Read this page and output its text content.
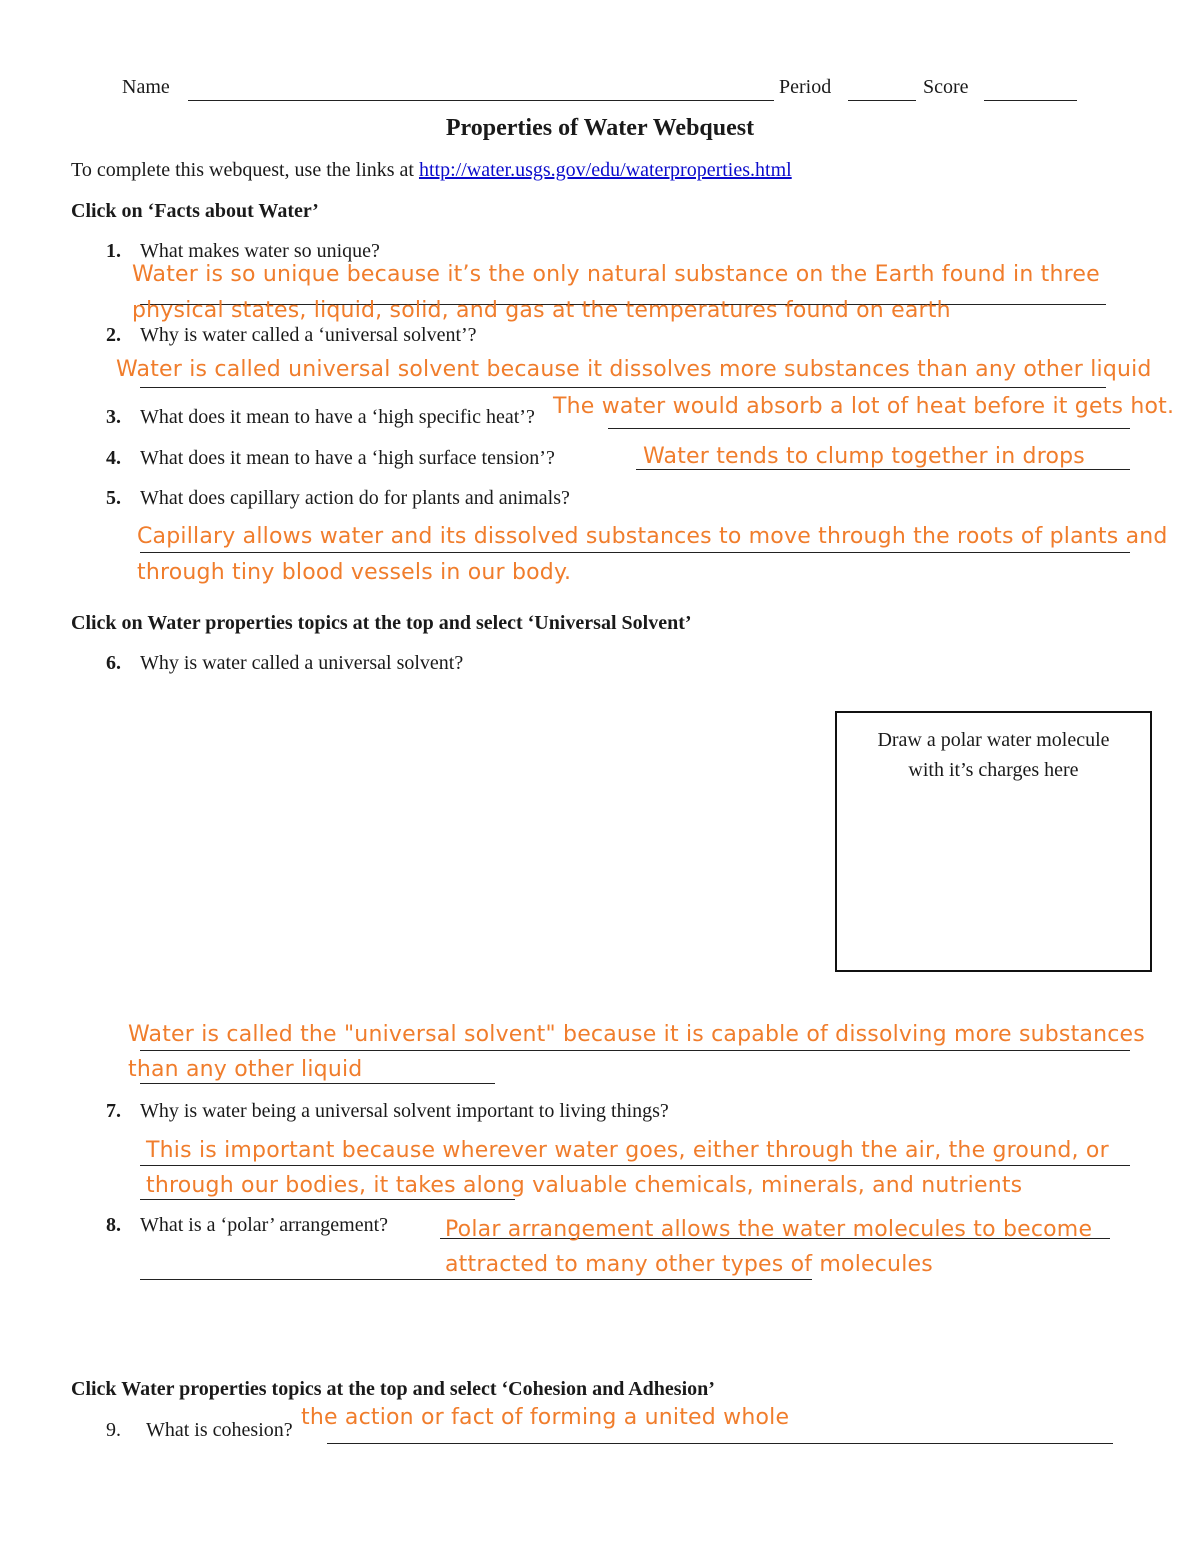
Name	Period	Score
Properties of Water Webquest
To complete this webquest, use the links at http://water.usgs.gov/edu/waterproperties.html
Click on ‘Facts about Water’
1. What makes water so unique?
Water is so unique because it’s the only natural substance on the Earth found in three
physical states, liquid, solid, and gas at the temperatures found on earth
2. Why is water called a ‘universal solvent’?
Water is called universal solvent because it dissolves more substances than any other liquid
3. What does it mean to have a ‘high specific heat’? The water would absorb a lot of heat before it gets hot.
4. What does it mean to have a ‘high surface tension’?	Water tends to clump together in drops
5. What does capillary action do for plants and animals?
Capillary allows water and its dissolved substances to move through the roots of plants and
through tiny blood vessels in our body.
Click on Water properties topics at the top and select ‘Universal Solvent’
6. Why is water called a universal solvent?
Draw a polar water molecule
with it’s charges here
Water is called the "universal solvent" because it is capable of dissolving more substances
than any other liquid
7. Why is water being a universal solvent important to living things?
This is important because wherever water goes, either through the air, the ground, or
through our bodies, it takes along valuable chemicals, minerals, and nutrients
8. What is a ‘polar’ arrangement?	Polar arrangement allows the water molecules to become
attracted to many other types of molecules
Click Water properties topics at the top and select ‘Cohesion and Adhesion’
9. What is cohesion? the action or fact of forming a united whole
